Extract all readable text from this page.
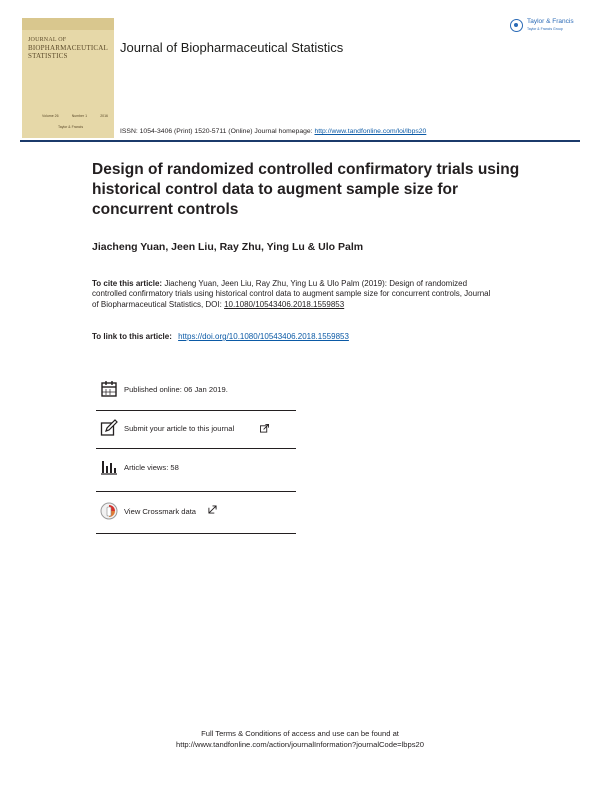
JOURNAL OF
BIOPHARMACEUTICAL
STATISTICS
Volume 26	Number 1	2016
Taylor & Francis
Journal of Biopharmaceutical Statistics
Taylor & Francis
Taylor & Francis Group
ISSN: 1054-3406 (Print) 1520-5711 (Online) Journal homepage: http://www.tandfonline.com/loi/lbps20
Design of randomized controlled confirmatory trials using historical control data to augment sample size for concurrent controls
Jiacheng Yuan, Jeen Liu, Ray Zhu, Ying Lu & Ulo Palm
To cite this article: Jiacheng Yuan, Jeen Liu, Ray Zhu, Ying Lu & Ulo Palm (2019): Design of randomized controlled confirmatory trials using historical control data to augment sample size for concurrent controls, Journal of Biopharmaceutical Statistics, DOI: 10.1080/10543406.2018.1559853
To link to this article: https://doi.org/10.1080/10543406.2018.1559853
Published online: 06 Jan 2019.
Submit your article to this journal
Article views: 58
View Crossmark data
Full Terms & Conditions of access and use can be found at
http://www.tandfonline.com/action/journalInformation?journalCode=lbps20
